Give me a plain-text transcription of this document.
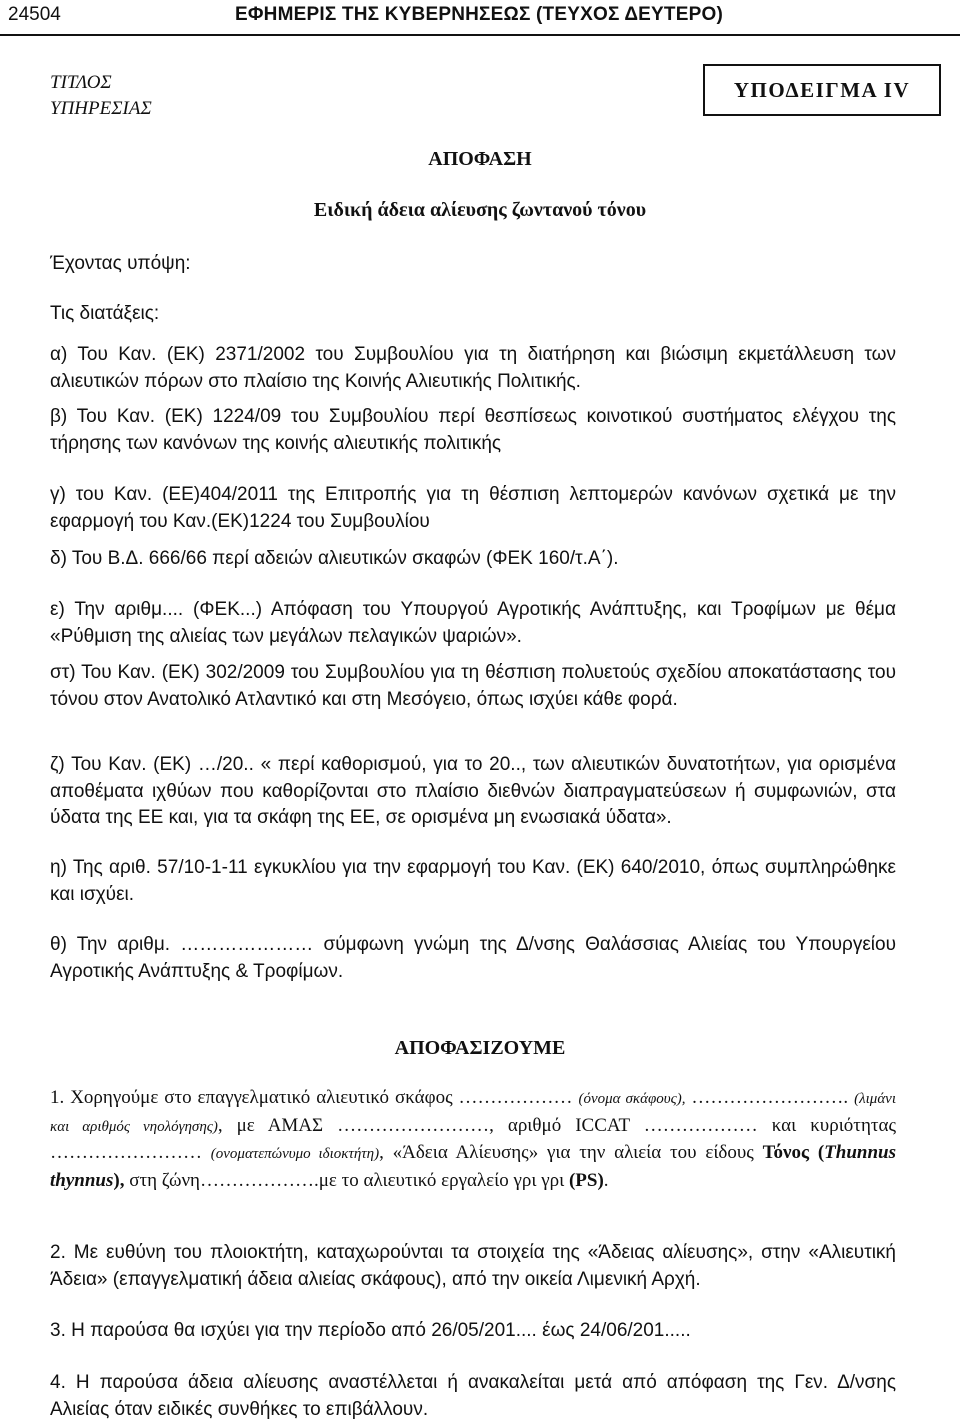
24504	ΕΦΗΜΕΡΙΣ ΤΗΣ ΚΥΒΕΡΝΗΣΕΩΣ (ΤΕΥΧΟΣ ΔΕΥΤΕΡΟ)
ΤΙΤΛΟΣ
ΥΠΗΡΕΣΙΑΣ
ΥΠΟΔΕΙΓΜΑ IV
ΑΠΟΦΑΣΗ
Ειδική άδεια αλίευσης ζωντανού τόνου
Έχοντας υπόψη:
Τις διατάξεις:
α) Του Καν. (ΕΚ) 2371/2002 του Συμβουλίου για τη διατήρηση και βιώσιμη εκμετάλλευση των αλιευτικών πόρων στο πλαίσιο της Κοινής Αλιευτικής Πολιτικής.
β) Του Καν. (ΕΚ) 1224/09 του Συμβουλίου περί θεσπίσεως κοινοτικού συστήματος ελέγχου της τήρησης των κανόνων της κοινής αλιευτικής πολιτικής
γ) του Καν. (ΕΕ)404/2011 της Επιτροπής για τη θέσπιση λεπτομερών κανόνων σχετικά με την εφαρμογή του Καν.(ΕΚ)1224 του Συμβουλίου
δ) Του Β.Δ. 666/66 περί αδειών αλιευτικών σκαφών (ΦΕΚ 160/τ.Α΄).
ε) Την αριθμ.... (ΦΕΚ...) Απόφαση του Υπουργού Αγροτικής Ανάπτυξης, και Τροφίμων με θέμα «Ρύθμιση της αλιείας των μεγάλων πελαγικών ψαριών».
στ) Του Καν. (ΕΚ) 302/2009 του Συμβουλίου για τη θέσπιση πολυετούς σχεδίου αποκατάστασης του τόνου στον Ανατολικό Ατλαντικό και στη Μεσόγειο, όπως ισχύει κάθε φορά.
ζ) Του Καν. (ΕΚ) …/20.. « περί καθορισμού, για το 20.., των αλιευτικών δυνατοτήτων, για ορισμένα αποθέματα ιχθύων που καθορίζονται στο πλαίσιο διεθνών διαπραγματεύσεων ή συμφωνιών, στα ύδατα της ΕΕ και, για τα σκάφη της ΕΕ, σε ορισμένα μη ενωσιακά ύδατα».
η) Της αριθ. 57/10-1-11 εγκυκλίου για την εφαρμογή του Καν. (ΕΚ) 640/2010, όπως συμπληρώθηκε και ισχύει.
θ) Την αριθμ. ………………… σύμφωνη γνώμη της Δ/νσης Θαλάσσιας Αλιείας του Υπουργείου Αγροτικής Ανάπτυξης & Τροφίμων.
ΑΠΟΦΑΣΙΖΟΥΜΕ
1. Χορηγούμε στο επαγγελματικό αλιευτικό σκάφος ……………… (όνομα σκάφους), ……………………. (λιμάνι και αριθμός νηολόγησης), με ΑΜΑΣ ……………………, αριθμό ICCAT ……………… και κυριότητας …………………… (ονοματεπώνυμο ιδιοκτήτη), «Άδεια Αλίευσης» για την αλιεία του είδους Τόνος (Thunnus thynnus), στη ζώνη……………….με το αλιευτικό εργαλείο γρι γρι (PS).
2. Με ευθύνη του πλοιοκτήτη, καταχωρούνται τα στοιχεία της «Άδειας αλίευσης», στην «Αλιευτική Άδεια» (επαγγελματική άδεια αλιείας σκάφους), από την οικεία Λιμενική Αρχή.
3. Η παρούσα θα ισχύει για την περίοδο από 26/05/201.... έως 24/06/201.....
4. Η παρούσα άδεια αλίευσης αναστέλλεται ή ανακαλείται μετά από απόφαση της Γεν. Δ/νσης Αλιείας όταν ειδικές συνθήκες το επιβάλλουν.
